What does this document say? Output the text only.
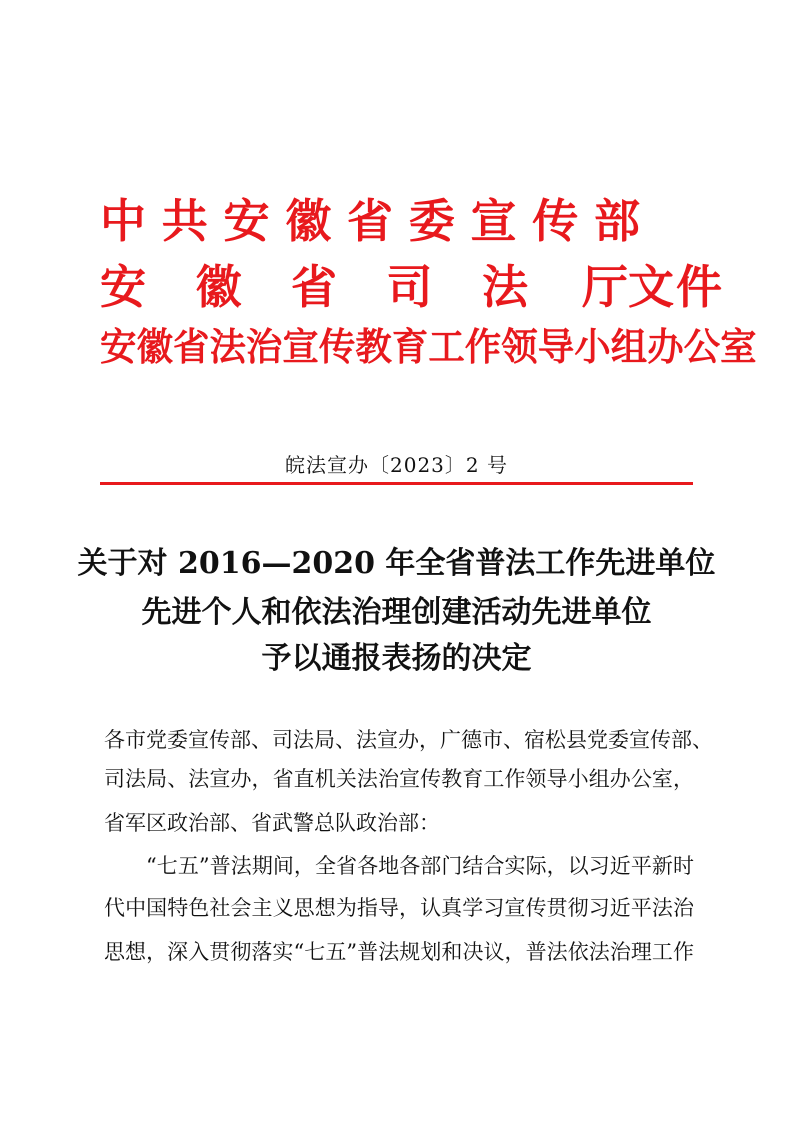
中 共 安 徽 省 委 宣 传 部
安 徽 省 司 法 厅 文件
安徽省法治宣传教育工作领导小组办公室
皖法宣办〔2023〕2 号
关于对 2016—2020 年全省普法工作先进单位
先进个人和依法治理创建活动先进单位
予以通报表扬的决定
各市党委宣传部、司法局、法宣办，广德市、宿松县党委宣传部、
司法局、法宣办，省直机关法治宣传教育工作领导小组办公室，
省军区政治部、省武警总队政治部：
“七五”普法期间，全省各地各部门结合实际，以习近平新时
代中国特色社会主义思想为指导，认真学习宣传贯彻习近平法治
思想，深入贯彻落实“七五”普法规划和决议，普法依法治理工作
